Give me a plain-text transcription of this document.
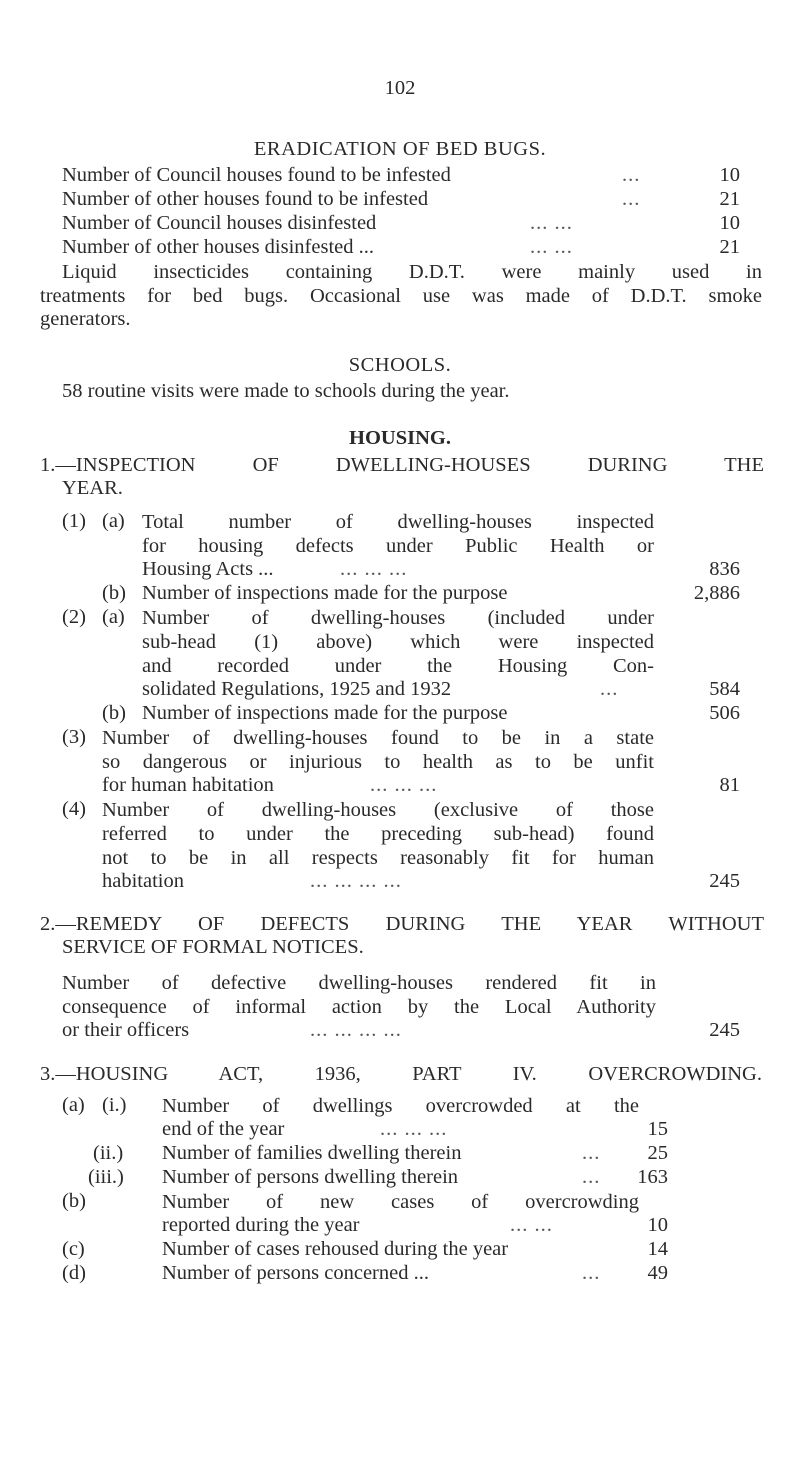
102
ERADICATION OF BED BUGS.
Number of Council houses found to be infested	...	10
Number of other houses found to be infested	...	21
Number of Council houses disinfested	... ...	10
Number of other houses disinfested ...	... ...	21
Liquid insecticides containing D.D.T. were mainly used in
treatments for bed bugs. Occasional use was made of D.D.T. smoke
generators.
SCHOOLS.
58 routine visits were made to schools during the year.
HOUSING.
1.—INSPECTION OF DWELLING-HOUSES DURING THE
YEAR.
(1) (a) Total number of dwelling-houses inspected
for housing defects under Public Health or
Housing Acts ...	... ... ...	836
(b) Number of inspections made for the purpose	2,886
(2) (a) Number of dwelling-houses (included under
sub-head (1) above) which were inspected
and recorded under the Housing Con-
solidated Regulations, 1925 and 1932	...	584
(b) Number of inspections made for the purpose	506
(3) Number of dwelling-houses found to be in a state
so dangerous or injurious to health as to be unfit
for human habitation	... ... ...	81
(4) Number of dwelling-houses (exclusive of those
referred to under the preceding sub-head) found
not to be in all respects reasonably fit for human
habitation	... ... ... ...	245
2.—REMEDY OF DEFECTS DURING THE YEAR WITHOUT
SERVICE OF FORMAL NOTICES.
Number of defective dwelling-houses rendered fit in
consequence of informal action by the Local Authority
or their officers	... ... ... ...	245
3.—HOUSING ACT, 1936, PART IV. OVERCROWDING.
(a) (i.) Number of dwellings overcrowded at the
end of the year	... ... ...	15
(ii.) Number of families dwelling therein	... 25
(iii.) Number of persons dwelling therein	... 163
(b)	Number of new cases of overcrowding
reported during the year	... ...	10
(c)	Number of cases rehoused during the year	14
(d)	Number of persons concerned ...	... 49
